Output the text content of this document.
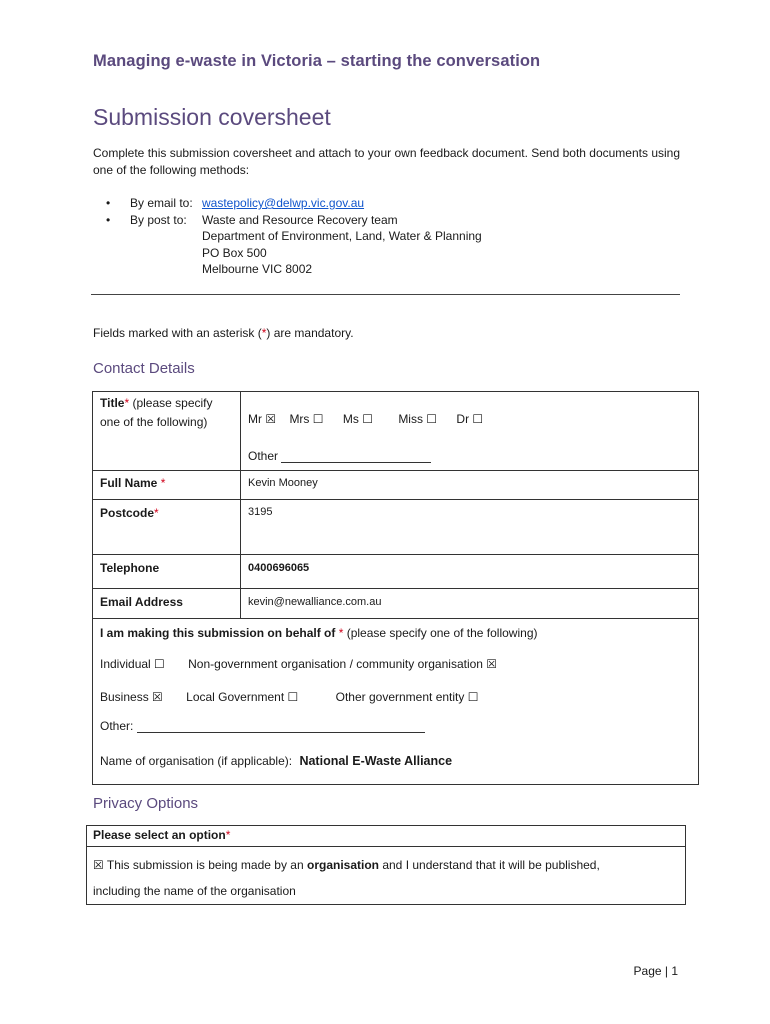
Managing e-waste in Victoria – starting the conversation
Submission coversheet
Complete this submission coversheet and attach to your own feedback document. Send both documents using one of the following methods:
•	By email to: wastepolicy@delwp.vic.gov.au
•	By post to:	Waste and Resource Recovery team
Department of Environment, Land, Water & Planning
PO Box 500
Melbourne VIC 8002
Fields marked with an asterisk (*) are mandatory.
Contact Details
Title* (please specify
one of the following)	Mr ☒ Mrs ☐ Ms ☐ Miss ☐ Dr ☐
Other
Full Name *	Kevin Mooney
Postcode*	3195
Telephone	0400696065
Email Address	kevin@newalliance.com.au
I am making this submission on behalf of * (please specify one of the following)
Individual ☐ Non-government organisation / community organisation ☒
Business ☒ Local Government ☐	Other government entity ☐
Other:
Name of organisation (if applicable): National E-Waste Alliance
Privacy Options
Please select an option*
☒ This submission is being made by an organisation and I understand that it will be published,
including the name of the organisation
Page | 1
